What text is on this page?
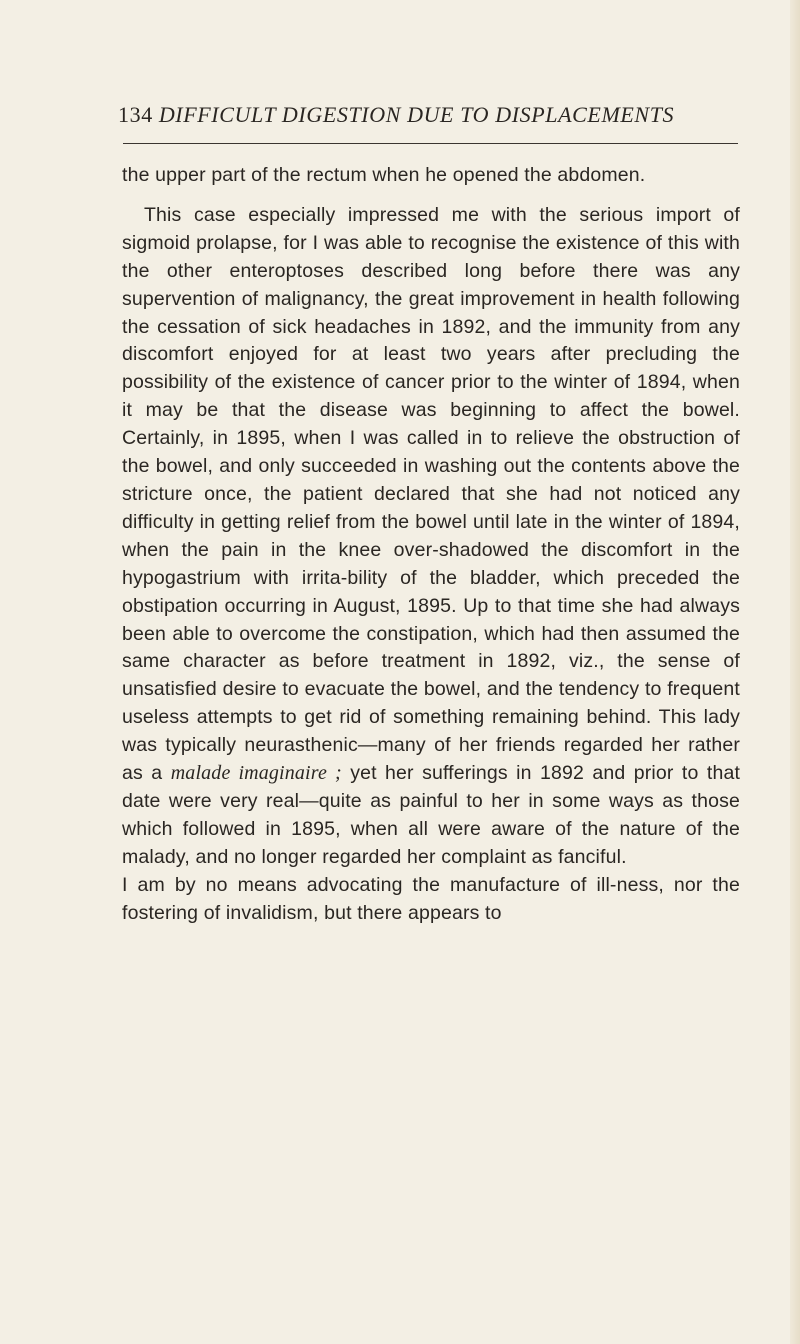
134 DIFFICULT DIGESTION DUE TO DISPLACEMENTS

the upper part of the rectum when he opened the abdomen.

This case especially impressed me with the serious import of sigmoid prolapse, for I was able to recognise the existence of this with the other enteroptoses described long before there was any supervention of malignancy, the great improvement in health following the cessation of sick headaches in 1892, and the immunity from any discomfort enjoyed for at least two years after precluding the possibility of the existence of cancer prior to the winter of 1894, when it may be that the disease was beginning to affect the bowel. Certainly, in 1895, when I was called in to relieve the obstruction of the bowel, and only succeeded in washing out the contents above the stricture once, the patient declared that she had not noticed any difficulty in getting relief from the bowel until late in the winter of 1894, when the pain in the knee over-shadowed the discomfort in the hypogastrium with irrita-bility of the bladder, which preceded the obstipation occurring in August, 1895. Up to that time she had always been able to overcome the constipation, which had then assumed the same character as before treatment in 1892, viz., the sense of unsatisfied desire to evacuate the bowel, and the tendency to frequent useless attempts to get rid of something remaining behind. This lady was typically neurasthenic—many of her friends regarded her rather as a malade imaginaire ; yet her sufferings in 1892 and prior to that date were very real—quite as painful to her in some ways as those which followed in 1895, when all were aware of the nature of the malady, and no longer regarded her complaint as fanciful.

I am by no means advocating the manufacture of ill-ness, nor the fostering of invalidism, but there appears to
